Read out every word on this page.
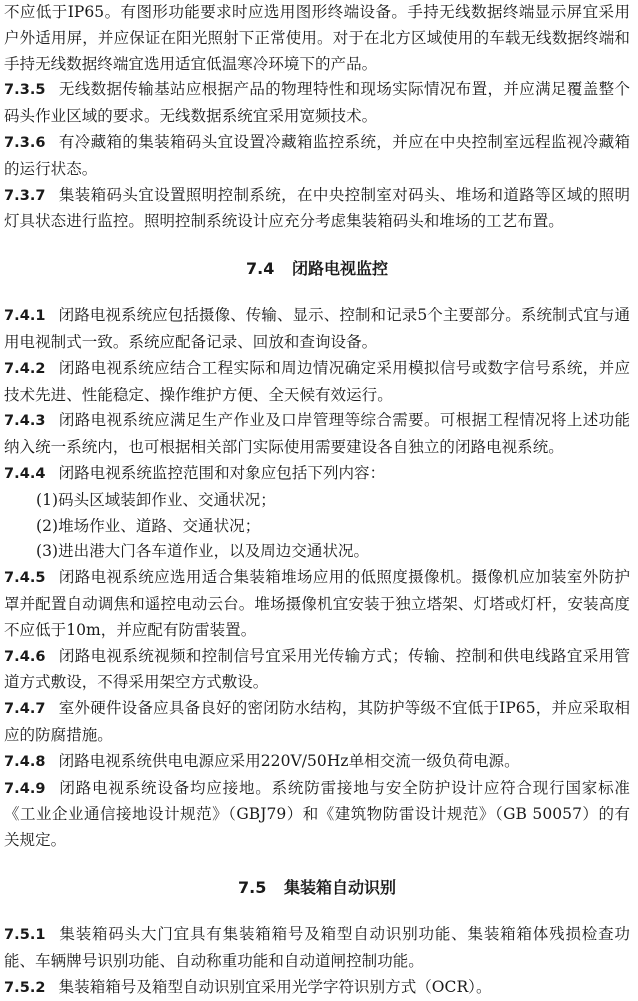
不应低于IP65。有图形功能要求时应选用图形终端设备。手持无线数据终端显示屏宜采用户外适用屏，并应保证在阳光照射下正常使用。对于在北方区域使用的车载无线数据终端和手持无线数据终端宜选用适宜低温寒冷环境下的产品。

7.3.5 无线数据传输基站应根据产品的物理特性和现场实际情况布置，并应满足覆盖整个码头作业区域的要求。无线数据系统宜采用宽频技术。

7.3.6 有冷藏箱的集装箱码头宜设置冷藏箱监控系统，并应在中央控制室远程监视冷藏箱的运行状态。

7.3.7 集装箱码头宜设置照明控制系统，在中央控制室对码头、堆场和道路等区域的照明灯具状态进行监控。照明控制系统设计应充分考虑集装箱码头和堆场的工艺布置。

7.4 闭路电视监控

7.4.1 闭路电视系统应包括摄像、传输、显示、控制和记录5个主要部分。系统制式宜与通用电视制式一致。系统应配备记录、回放和查询设备。

7.4.2 闭路电视系统应结合工程实际和周边情况确定采用模拟信号或数字信号系统，并应技术先进、性能稳定、操作维护方便、全天候有效运行。

7.4.3 闭路电视系统应满足生产作业及口岸管理等综合需要。可根据工程情况将上述功能纳入统一系统内，也可根据相关部门实际使用需要建设各自独立的闭路电视系统。

7.4.4 闭路电视系统监控范围和对象应包括下列内容：

(1)码头区域装卸作业、交通状况；

(2)堆场作业、道路、交通状况；

(3)进出港大门各车道作业，以及周边交通状况。

7.4.5 闭路电视系统应选用适合集装箱堆场应用的低照度摄像机。摄像机应加装室外防护罩并配置自动调焦和遥控电动云台。堆场摄像机宜安装于独立塔架、灯塔或灯杆，安装高度不应低于10m，并应配有防雷装置。

7.4.6 闭路电视系统视频和控制信号宜采用光传输方式；传输、控制和供电线路宜采用管道方式敷设，不得采用架空方式敷设。

7.4.7 室外硬件设备应具备良好的密闭防水结构，其防护等级不宜低于IP65，并应采取相应的防腐措施。

7.4.8 闭路电视系统供电电源应采用220V/50Hz单相交流一级负荷电源。

7.4.9 闭路电视系统设备均应接地。系统防雷接地与安全防护设计应符合现行国家标准《工业企业通信接地设计规范》（GBJ79）和《建筑物防雷设计规范》（GB 50057）的有关规定。

7.5 集装箱自动识别

7.5.1 集装箱码头大门宜具有集装箱箱号及箱型自动识别功能、集装箱箱体残损检查功能、车辆牌号识别功能、自动称重功能和自动道闸控制功能。

7.5.2 集装箱箱号及箱型自动识别宜采用光学字符识别方式（OCR）。
